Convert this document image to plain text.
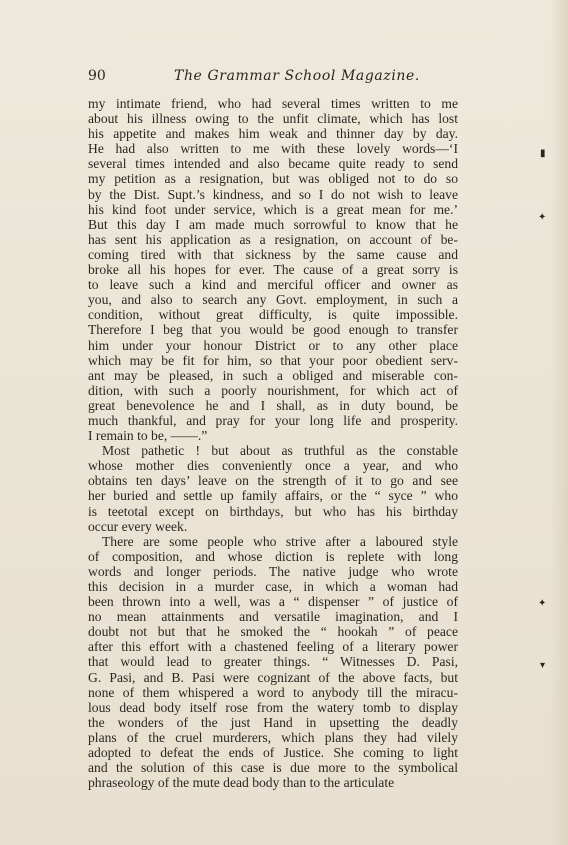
90	The Grammar School Magazine.
my intimate friend, who had several times written to me
about his illness owing to the unfit climate, which has lost
his appetite and makes him weak and thinner day by day.
He had also written to me with these lovely words—‘I
several times intended and also became quite ready to send
my petition as a resignation, but was obliged not to do so
by the Dist. Supt.’s kindness, and so I do not wish to leave
his kind foot under service, which is a great mean for me.’
But this day I am made much sorrowful to know that he
has sent his application as a resignation, on account of be-
coming tired with that sickness by the same cause and
broke all his hopes for ever. The cause of a great sorry is
to leave such a kind and merciful officer and owner as
you, and also to search any Govt. employment, in such a
condition, without great difficulty, is quite impossible.
Therefore I beg that you would be good enough to transfer
him under your honour District or to any other place
which may be fit for him, so that your poor obedient serv-
ant may be pleased, in such a obliged and miserable con-
dition, with such a poorly nourishment, for which act of
great benevolence he and I shall, as in duty bound, be
much thankful, and pray for your long life and prosperity.
I remain to be, ——.”
Most pathetic ! but about as truthful as the constable
whose mother dies conveniently once a year, and who
obtains ten days’ leave on the strength of it to go and see
her buried and settle up family affairs, or the “ syce ” who
is teetotal except on birthdays, but who has his birthday
occur every week.
There are some people who strive after a laboured style
of composition, and whose diction is replete with long
words and longer periods. The native judge who wrote
this decision in a murder case, in which a woman had
been thrown into a well, was a “ dispenser ” of justice of
no mean attainments and versatile imagination, and I
doubt not but that he smoked the “ hookah ” of peace
after this effort with a chastened feeling of a literary power
that would lead to greater things. “ Witnesses D. Pasi,
G. Pasi, and B. Pasi were cognizant of the above facts, but
none of them whispered a word to anybody till the miracu-
lous dead body itself rose from the watery tomb to display
the wonders of the just Hand in upsetting the deadly
plans of the cruel murderers, which plans they had vilely
adopted to defeat the ends of Justice. She coming to light
and the solution of this case is due more to the symbolical
phraseology of the mute dead body than to the articulate
▮
✦
✦
▾
